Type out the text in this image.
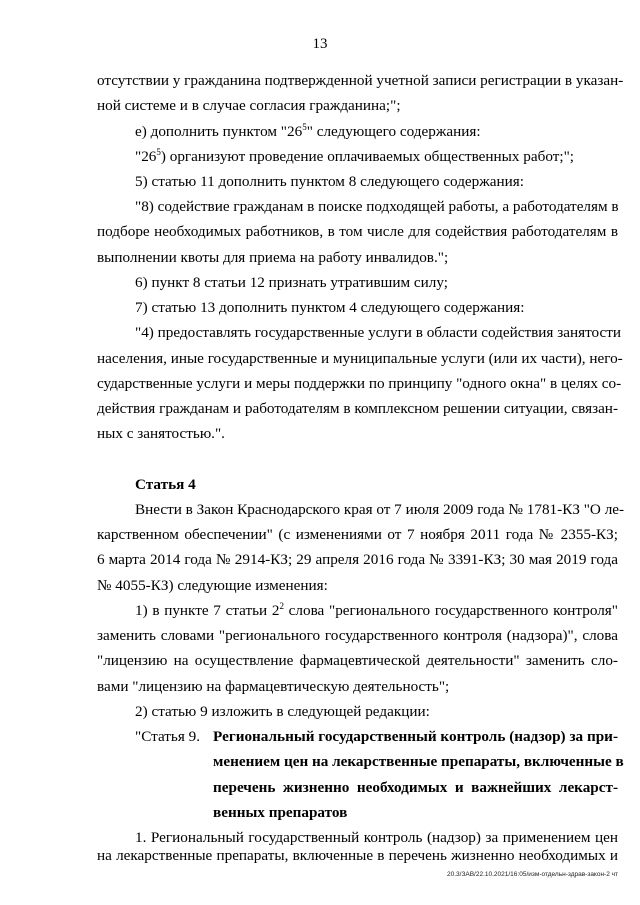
13
отсутствии у гражданина подтвержденной учетной записи регистрации в указан-
ной системе и в случае согласия гражданина;";
е) дополнить пунктом "$26^5$" следующего содержания:
"$26^5$) организуют проведение оплачиваемых общественных работ;";
5) статью 11 дополнить пунктом 8 следующего содержания:
"8) содействие гражданам в поиске подходящей работы, а работодателям в
подборе необходимых работников, в том числе для содействия работодателям в
выполнении квоты для приема на работу инвалидов.";
6) пункт 8 статьи 12 признать утратившим силу;
7) статью 13 дополнить пунктом 4 следующего содержания:
"4) предоставлять государственные услуги в области содействия занятости
населения, иные государственные и муниципальные услуги (или их части), него-
сударственные услуги и меры поддержки по принципу "одного окна" в целях со-
действия гражданам и работодателям в комплексном решении ситуации, связан-
ных с занятостью.".
Статья 4
Внести в Закон Краснодарского края от 7 июля 2009 года № 1781-КЗ "О ле-
карственном обеспечении" (с изменениями от 7 ноября 2011 года № 2355-КЗ;
6 марта 2014 года № 2914-КЗ; 29 апреля 2016 года № 3391-КЗ; 30 мая 2019 года
№ 4055-КЗ) следующие изменения:
1) в пункте 7 статьи $2^2$ слова "регионального государственного контроля"
заменить словами "регионального государственного контроля (надзора)", слова
"лицензию на осуществление фармацевтической деятельности" заменить сло-
вами "лицензию на фармацевтическую деятельность";
2) статью 9 изложить в следующей редакции:
"Статья 9. Региональный государственный контроль (надзор) за при-
менением цен на лекарственные препараты, включенные в
перечень жизненно необходимых и важнейших лекарст-
венных препаратов
1. Региональный государственный контроль (надзор) за применением цен
20.3/ЗАВ/22.10.2021/16:05/изм-отдельн-здрав-закон-2 чт
на лекарственные препараты, включенные в перечень жизненно необходимых и
